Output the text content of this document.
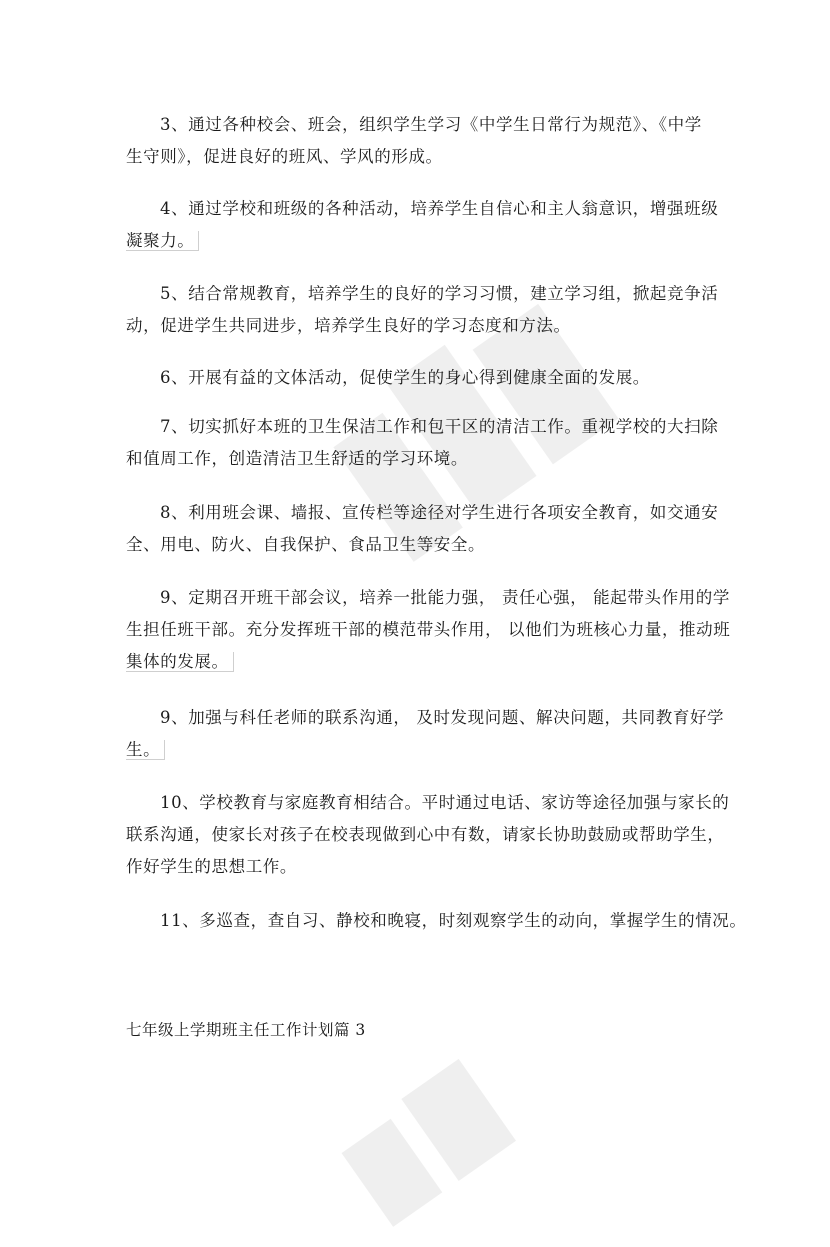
3、通过各种校会、班会，组织学生学习《中学生日常行为规范》、《中学
生守则》，促进良好的班风、学风的形成。
4、通过学校和班级的各种活动，培养学生自信心和主人翁意识，增强班级
凝聚力。
5、结合常规教育，培养学生的良好的学习习惯，建立学习组，掀起竞争活
动，促进学生共同进步，培养学生良好的学习态度和方法。
6、开展有益的文体活动，促使学生的身心得到健康全面的发展。
7、切实抓好本班的卫生保洁工作和包干区的清洁工作。重视学校的大扫除
和值周工作，创造清洁卫生舒适的学习环境。
8、利用班会课、墙报、宣传栏等途径对学生进行各项安全教育，如交通安
全、用电、防火、自我保护、食品卫生等安全。
9、定期召开班干部会议，培养一批能力强， 责任心强， 能起带头作用的学
生担任班干部。充分发挥班干部的模范带头作用， 以他们为班核心力量，推动班
集体的发展。
9、加强与科任老师的联系沟通， 及时发现问题、解决问题，共同教育好学
生。
10、学校教育与家庭教育相结合。平时通过电话、家访等途径加强与家长的
联系沟通，使家长对孩子在校表现做到心中有数，请家长协助鼓励或帮助学生，
作好学生的思想工作。
11、多巡查，查自习、静校和晚寝，时刻观察学生的动向，掌握学生的情况。
七年级上学期班主任工作计划篇 3
